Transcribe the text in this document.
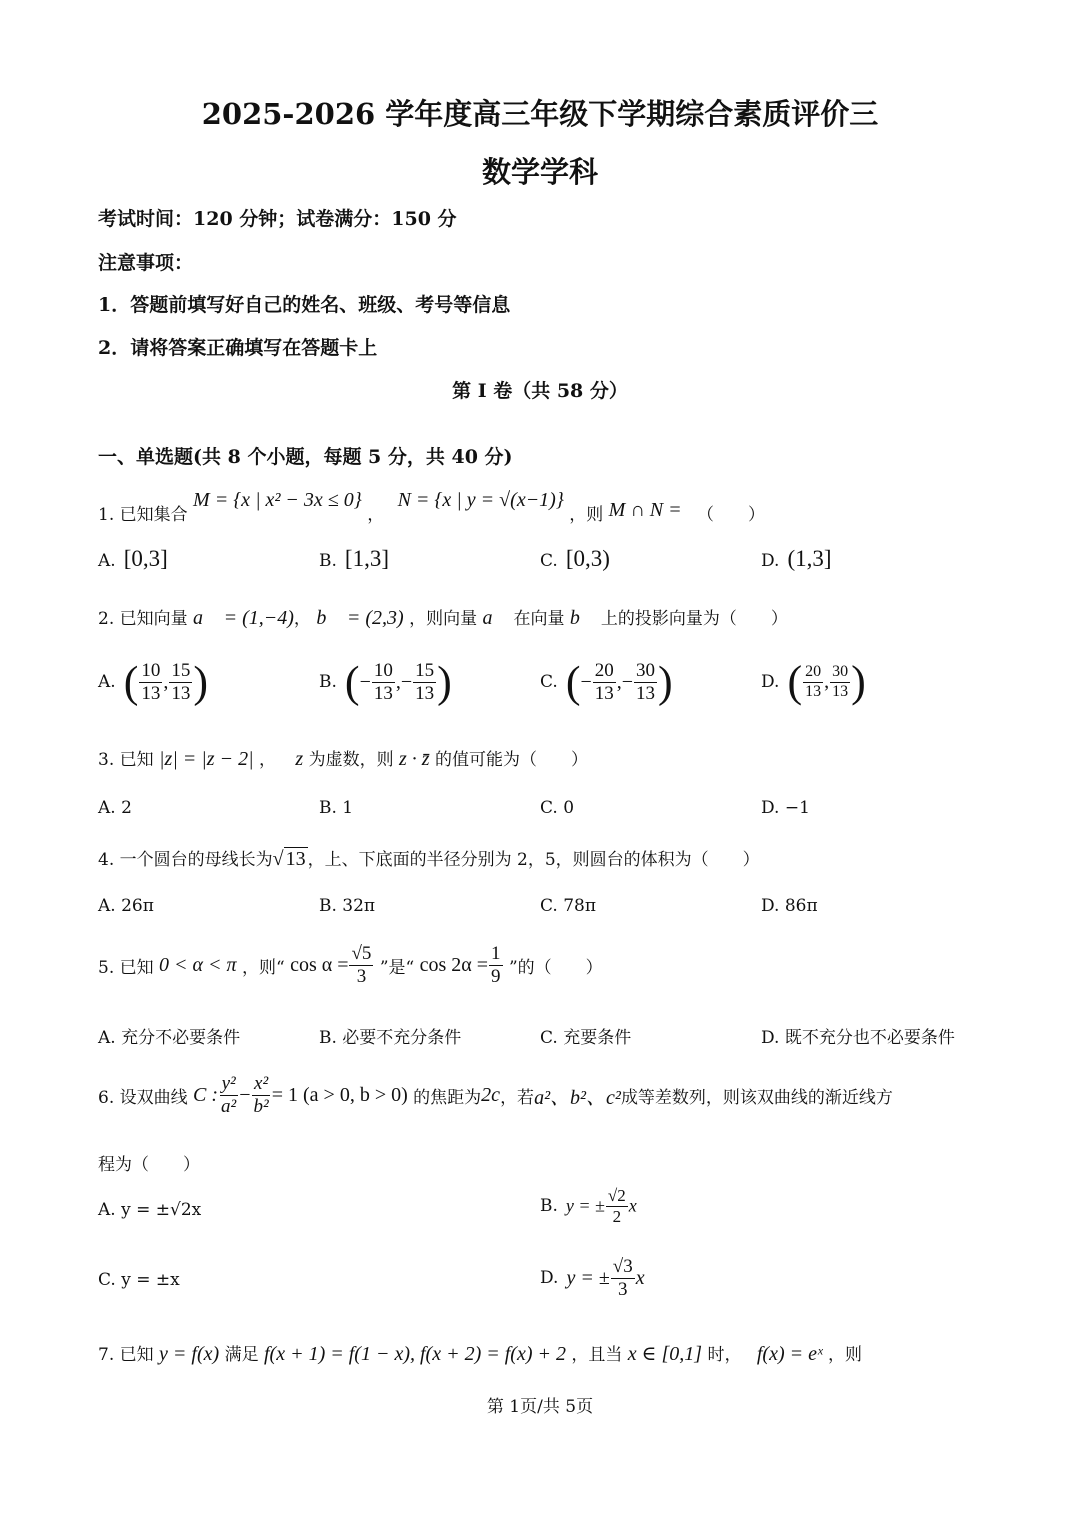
2025-2026 学年度高三年级下学期综合素质评价三
数学学科
考试时间：120 分钟；试卷满分：150 分
注意事项：
1．答题前填写好自己的姓名、班级、考号等信息
2．请将答案正确填写在答题卡上
第 I 卷（共 58 分）
一、单选题(共 8 个小题，每题 5 分，共 40 分)
1. 已知集合 M = {x | x² − 3x ≤ 0} ， N = {x | y = √(x−1)} ，则 M ∩ N = （　　）
A. [0,3]	B. [1,3]	C. [0,3)	D. (1,3]
2. 已知向量 a⃗ = (1,−4)， b⃗ = (2,3) ，则向量 a⃗ 在向量 b⃗ 上的投影向量为（　　）
A. ( $\frac{10}{13}$ , $\frac{15}{13}$ )	B. (− $\frac{10}{13}$ ,− $\frac{15}{13}$ )	C. (− $\frac{20}{13}$ ,− $\frac{30}{13}$ )	D. ( $\frac{20}{13}$ , $\frac{30}{13}$ )
3. 已知 |z| = |z − 2| ， z 为虚数，则 z · z̄ 的值可能为（　　）
A. 2	B. 1	C. 0	D. −1
4. 一个圆台的母线长为√ 13 ，上、下底面的半径分别为 2，5，则圆台的体积为（　　）
A. 26π	B. 32π	C. 78π	D. 86π
5. 已知 0 < α < π ，则“ $\cos \alpha = \frac{√5}{3}$ ”是“ $\cos 2\alpha = \frac{1}{9}$ ”的（　　）
A. 充分不必要条件	B. 必要不充分条件	C. 充要条件	D. 既不充分也不必要条件
6. 设双曲线 C : $\frac{\text{y²}}{\text{a²}} - \frac{\text{x²}}{\text{b²}} = 1$ (a > 0, b > 0) 的焦距为2c，若a²、b²、c²成等差数列，则该双曲线的渐近线方
程为（　　）
A. y = ±√2x	B. y = ± $\frac{√2}{2}$ x
C. y = ±x	D. y = ± $\frac{√3}{3}$ x
7. 已知 y = f(x) 满足 f(x + 1) = f(1 − x), f(x + 2) = f(x) + 2 ，且当 x ∈ [0,1] 时， f(x) = eˣ ，则
第 1页/共 5页
